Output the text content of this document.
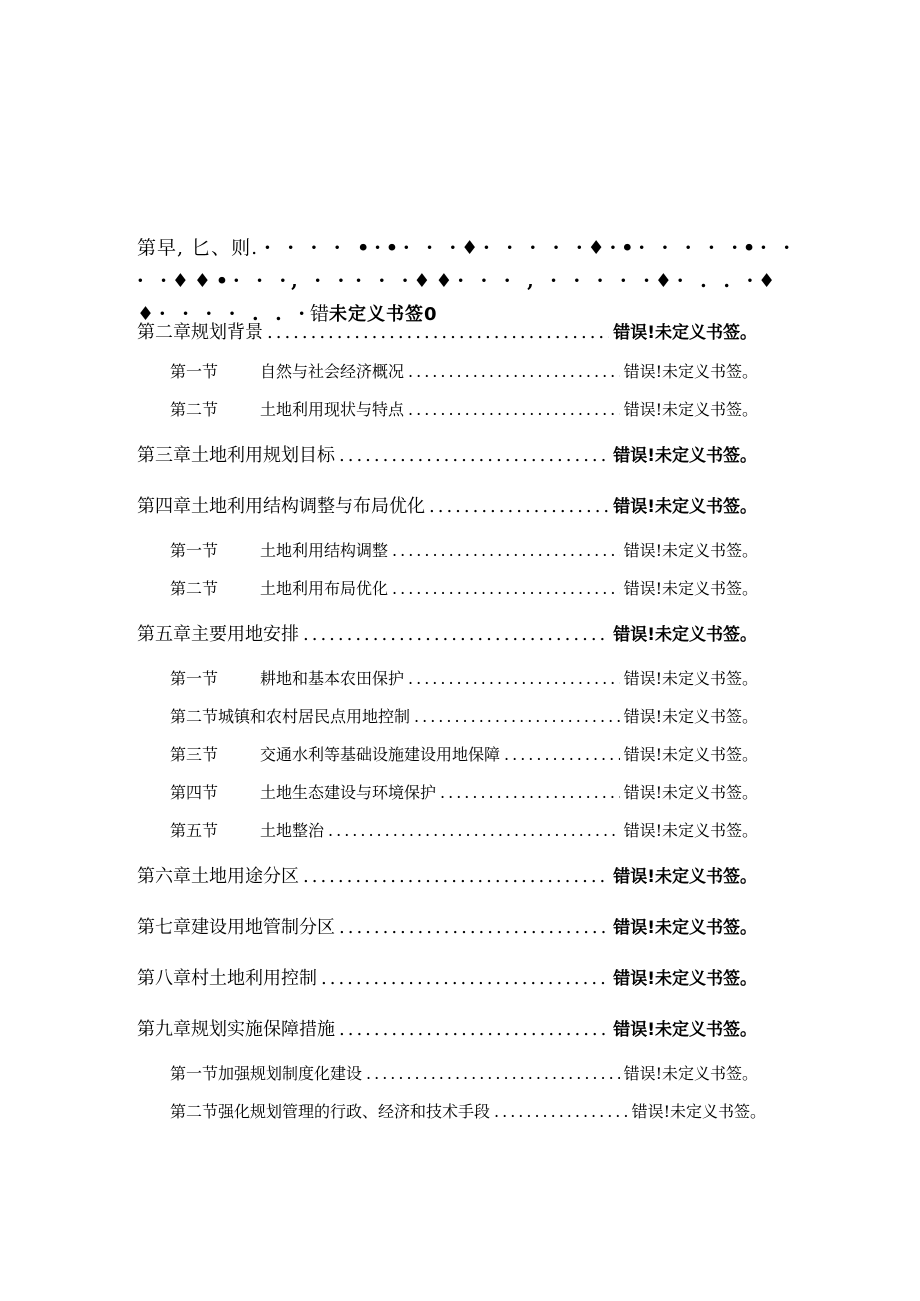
第早, 匕、则. · · · · •·•· · ·♦· · · · ·♦·•· · · · ·•· · · ·♦♦•· · ·, · · · · ·♦♦· · · , · · · · ·♦· . . ·♦♦· · · · . . ·错未定义书签0
第二章规划背景 .....	错误!未定义书签。
第一节	自然与社会经济概况 .....	错误!未定义书签。
第二节	土地利用现状与特点 .....	错误!未定义书签。
第三章土地利用规划目标 .....	错误!未定义书签。
第四章土地利用结构调整与布局优化 .....	错误!未定义书签。
第一节	土地利用结构调整 .....	错误!未定义书签。
第二节	土地利用布局优化 .....	错误!未定义书签。
第五章主要用地安排 .....	错误!未定义书签。
第一节	耕地和基本农田保护 .....	错误!未定义书签。
第二节城镇和农村居民点用地控制 .....	错误!未定义书签。
第三节	交通水利等基础设施建设用地保障 .....	错误!未定义书签。
第四节	土地生态建设与环境保护 .....	错误!未定义书签。
第五节	土地整治 .....	错误!未定义书签。
第六章土地用途分区 .....	错误!未定义书签。
第七章建设用地管制分区 .....	错误!未定义书签。
第八章村土地利用控制 .....	错误!未定义书签。
第九章规划实施保障措施 .....	错误!未定义书签。
第一节加强规划制度化建设 .....	错误!未定义书签。
第二节强化规划管理的行政、经济和技术手段 .....	错误!未定义书签。
